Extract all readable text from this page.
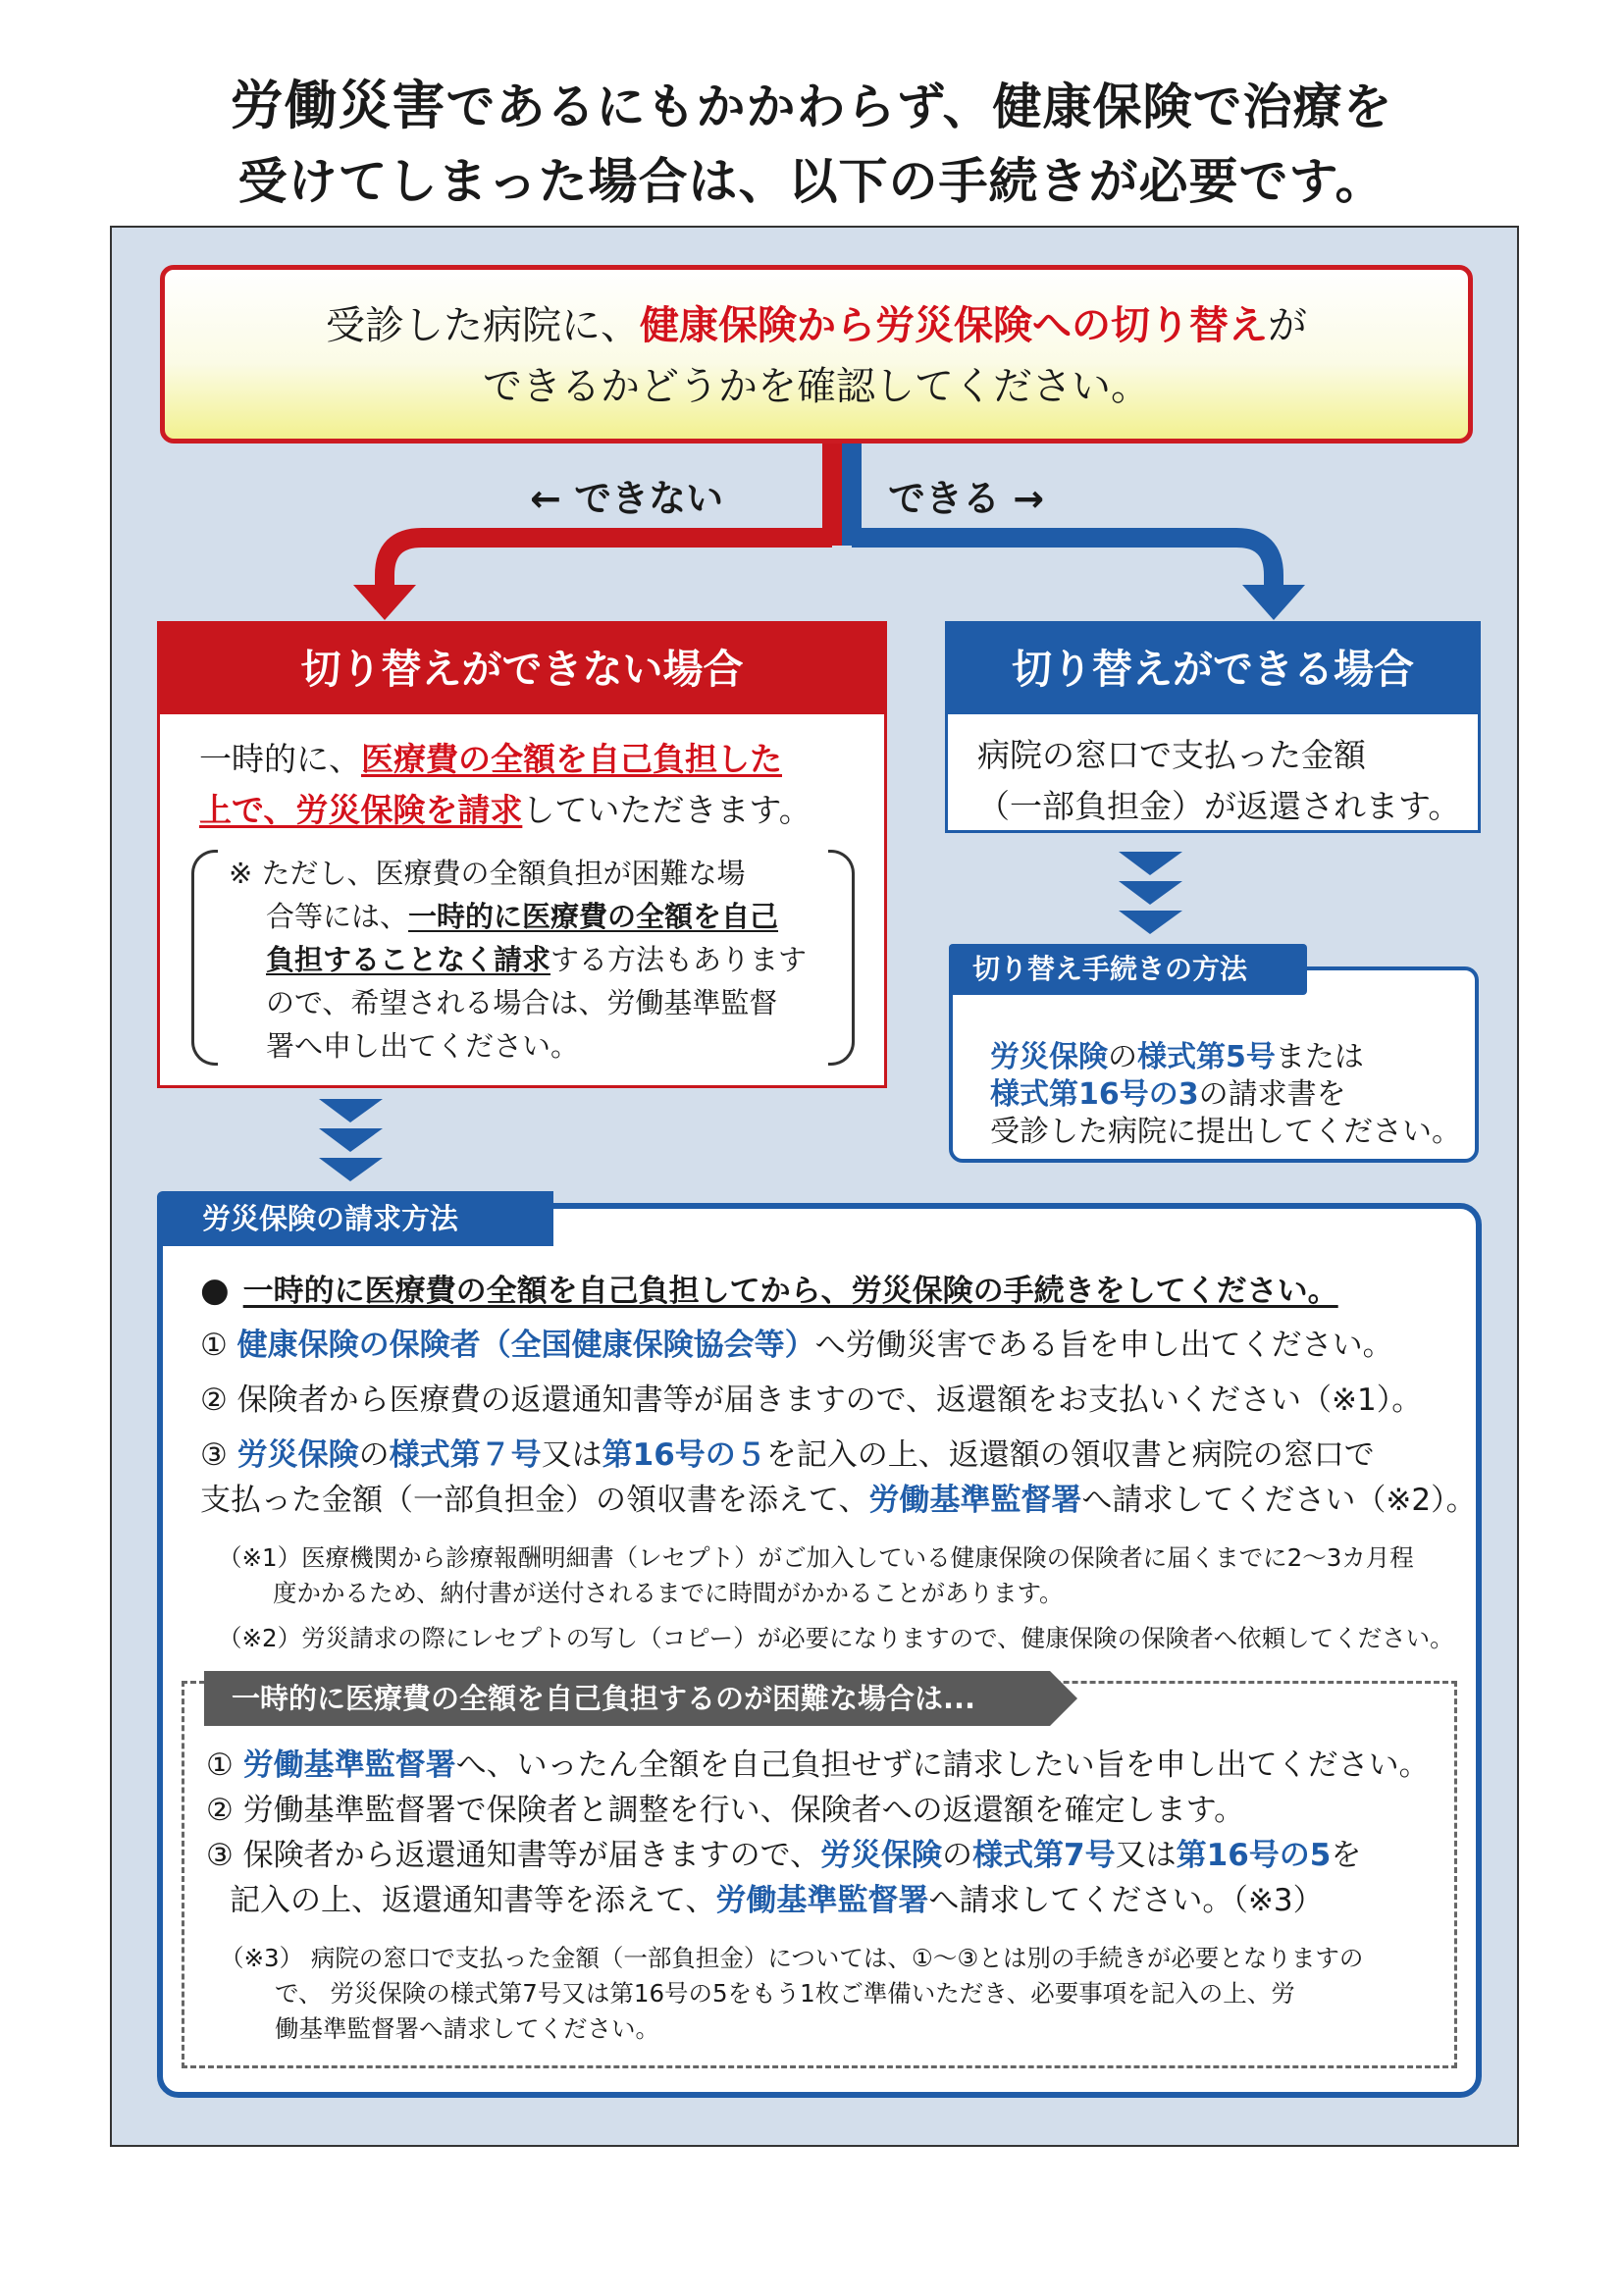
労働災害であるにもかかわらず、健康保険で治療を
受けてしまった場合は、以下の手続きが必要です。
受診した病院に、健康保険から労災保険への切り替えが
できるかどうかを確認してください。
← できない	できる →
切り替えができない場合
一時的に、医療費の全額を自己負担した
上で、労災保険を請求していただきます。
※ ただし、医療費の全額負担が困難な場
合等には、一時的に医療費の全額を自己
負担することなく請求する方法もあります
ので、希望される場合は、労働基準監督
署へ申し出てください。
切り替えができる場合
病院の窓口で支払った金額
（一部負担金）が返還されます。
労災保険の様式第5号または
様式第16号の3の請求書を
受診した病院に提出してください。
切り替え手続きの方法
● 一時的に医療費の全額を自己負担してから、労災保険の手続きをしてください。
① 健康保険の保険者（全国健康保険協会等）へ労働災害である旨を申し出てください。
② 保険者から医療費の返還通知書等が届きますので、返還額をお支払いください（※1）。
③ 労災保険の様式第７号又は第16号の５を記入の上、返還額の領収書と病院の窓口で
支払った金額（一部負担金）の領収書を添えて、労働基準監督署へ請求してください（※2）。
（※1）医療機関から診療報酬明細書（レセプト）がご加入している健康保険の保険者に届くまでに2～3カ月程
度かかるため、納付書が送付されるまでに時間がかかることがあります。
（※2）労災請求の際にレセプトの写し（コピー）が必要になりますので、健康保険の保険者へ依頼してください。
労災保険の請求方法
① 労働基準監督署へ、いったん全額を自己負担せずに請求したい旨を申し出てください。
② 労働基準監督署で保険者と調整を行い、保険者への返還額を確定します。
③ 保険者から返還通知書等が届きますので、労災保険の様式第7号又は第16号の5を
記入の上、返還通知書等を添えて、労働基準監督署へ請求してください。（※3）
（※3） 病院の窓口で支払った金額（一部負担金）については、①～③とは別の手続きが必要となりますの
で、 労災保険の様式第7号又は第16号の5をもう1枚ご準備いただき、必要事項を記入の上、労
働基準監督署へ請求してください。
一時的に医療費の全額を自己負担するのが困難な場合は...
